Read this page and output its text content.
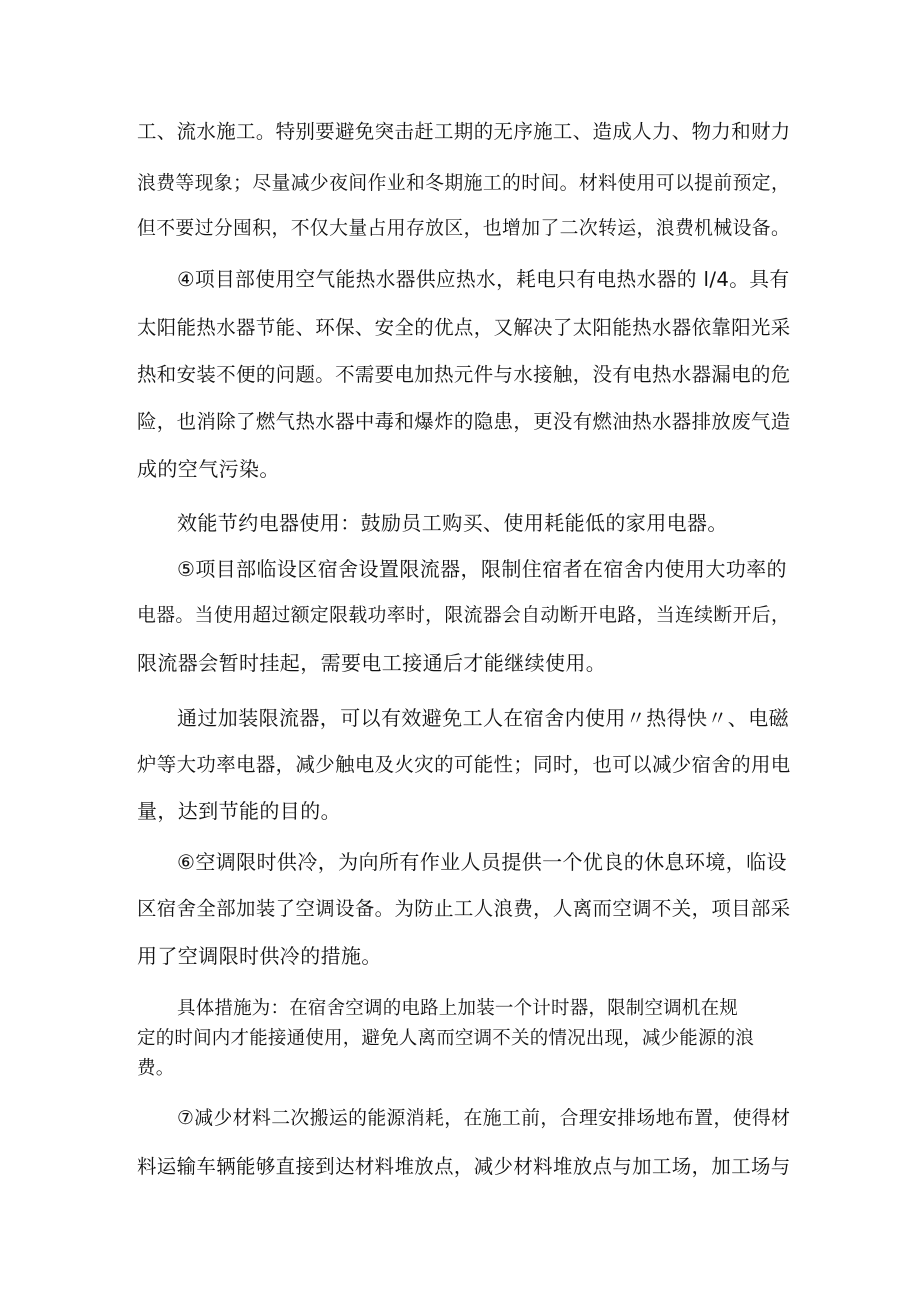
工、流水施工。特别要避免突击赶工期的无序施工、造成人力、物力和财力
浪费等现象；尽量减少夜间作业和冬期施工的时间。材料使用可以提前预定，
但不要过分囤积，不仅大量占用存放区，也增加了二次转运，浪费机械设备。
④项目部使用空气能热水器供应热水，耗电只有电热水器的 l/4。具有
太阳能热水器节能、环保、安全的优点，又解决了太阳能热水器依靠阳光采
热和安装不便的问题。不需要电加热元件与水接触，没有电热水器漏电的危
险，也消除了燃气热水器中毒和爆炸的隐患，更没有燃油热水器排放废气造
成的空气污染。
效能节约电器使用：鼓励员工购买、使用耗能低的家用电器。
⑤项目部临设区宿舍设置限流器，限制住宿者在宿舍内使用大功率的
电器。当使用超过额定限载功率时，限流器会自动断开电路，当连续断开后，
限流器会暂时挂起，需要电工接通后才能继续使用。
通过加装限流器，可以有效避免工人在宿舍内使用〃热得快〃、电磁
炉等大功率电器，减少触电及火灾的可能性；同时，也可以减少宿舍的用电
量，达到节能的目的。
⑥空调限时供冷，为向所有作业人员提供一个优良的休息环境，临设
区宿舍全部加装了空调设备。为防止工人浪费，人离而空调不关，项目部采
用了空调限时供冷的措施。
具体措施为：在宿舍空调的电路上加装一个计时器，限制空调机在规
定的时间内才能接通使用，避免人离而空调不关的情况出现，减少能源的浪
费。
⑦减少材料二次搬运的能源消耗，在施工前，合理安排场地布置，使得材
料运输车辆能够直接到达材料堆放点，减少材料堆放点与加工场，加工场与
